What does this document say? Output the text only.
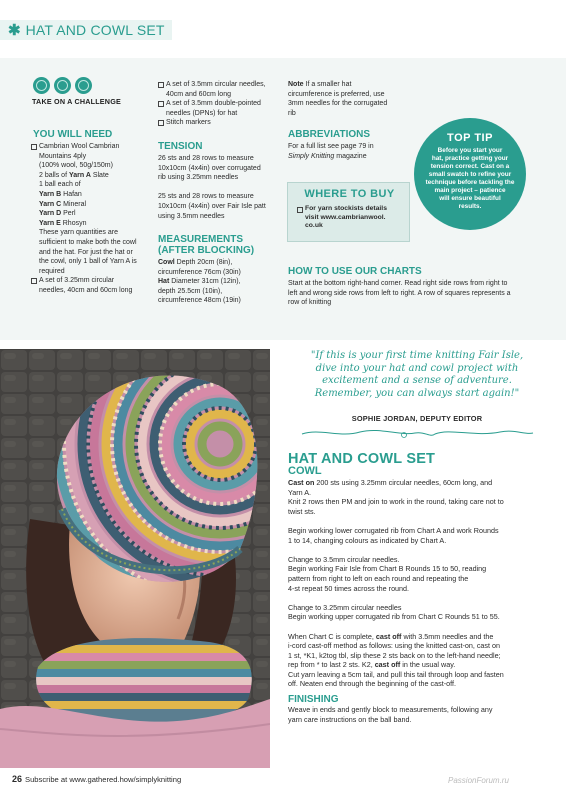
✱ HAT AND COWL SET
TAKE ON A CHALLENGE
YOU WILL NEED
Cambrian Wool Cambrian
Mountains 4ply
(100% wool, 50g/150m)
2 balls of Yarn A Slate
1 ball each of
Yarn B Hafan
Yarn C Mineral
Yarn D Perl
Yarn E Rhosyn
These yarn quantities are
sufficient to make both the cowl
and the hat. For just the hat or
the cowl, only 1 ball of Yarn A is
required
A set of 3.25mm circular
needles, 40cm and 60cm long
A set of 3.5mm circular needles,
40cm and 60cm long
A set of 3.5mm double-pointed
needles (DPNs) for hat
Stitch markers
TENSION
26 sts and 28 rows to measure
10x10cm (4x4in) over corrugated
rib using 3.25mm needles
25 sts and 28 rows to measure
10x10cm (4x4in) over Fair Isle patt
using 3.5mm needles
MEASUREMENTS
(AFTER BLOCKING)
Cowl Depth 20cm (8in),
circumference 76cm (30in)
Hat Diameter 31cm (12in),
depth 25.5cm (10in),
circumference 48cm (19in)
Note If a smaller hat
circumference is preferred, use
3mm needles for the corrugated
rib
ABBREVIATIONS
For a full list see page 79 in
Simply Knitting magazine
WHERE TO BUY
For yarn stockists details
visit www.cambrianwool.
co.uk
TOP TIP
Before you start your
hat, practice getting your
tension correct. Cast on a
small swatch to refine your
technique before tackling the
main project – patience
will ensure beautiful
results.
HOW TO USE OUR CHARTS
Start at the bottom right-hand corner. Read right side rows from right to
left and wrong side rows from left to right. A row of squares represents a
row of knitting
"If this is your first time knitting Fair Isle,
dive into your hat and cowl project with
excitement and a sense of adventure.
Remember, you can always start again!"
SOPHIE JORDAN, DEPUTY EDITOR
HAT AND COWL SET
COWL
Cast on 200 sts using 3.25mm circular needles, 60cm long, and
Yarn A.
Knit 2 rows then PM and join to work in the round, taking care not to
twist sts.
Begin working lower corrugated rib from Chart A and work Rounds
1 to 14, changing colours as indicated by Chart A.
Change to 3.5mm circular needles.
Begin working Fair Isle from Chart B Rounds 15 to 50, reading
pattern from right to left on each round and repeating the
4-st repeat 50 times across the round.
Change to 3.25mm circular needles
Begin working upper corrugated rib from Chart C Rounds 51 to 55.
When Chart C is complete, cast off with 3.5mm needles and the
i-cord cast-off method as follows: using the knitted cast-on, cast on
1 st, *K1, k2tog tbl, slip these 2 sts back on to the left-hand needle;
rep from * to last 2 sts. K2, cast off in the usual way.
Cut yarn leaving a 5cm tail, and pull this tail through loop and fasten
off. Neaten end through the beginning of the cast-off.
FINISHING
Weave in ends and gently block to measurements, following any
yarn care instructions on the ball band.
26 Subscribe at www.gathered.how/simplyknitting	PassionForum.ru
